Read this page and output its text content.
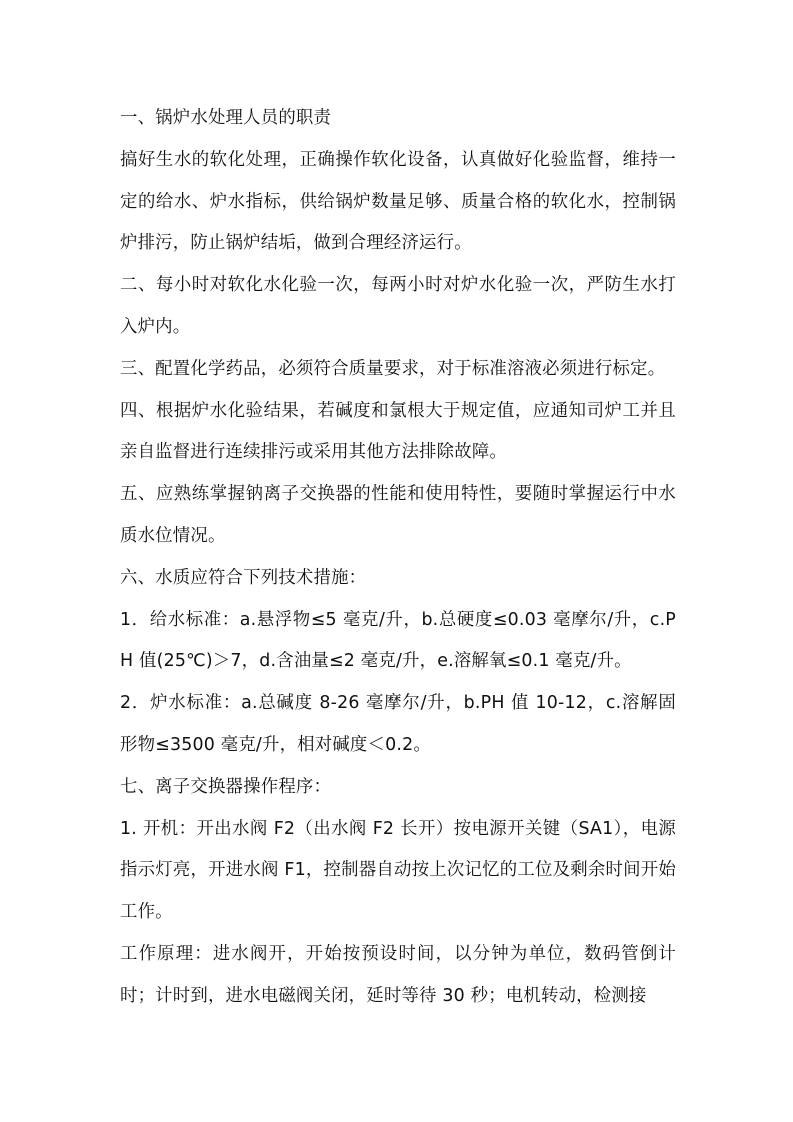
一、锅炉水处理人员的职责

搞好生水的软化处理，正确操作软化设备，认真做好化验监督，维持一定的给水、炉水指标，供给锅炉数量足够、质量合格的软化水，控制锅炉排污，防止锅炉结垢，做到合理经济运行。

二、每小时对软化水化验一次，每两小时对炉水化验一次，严防生水打入炉内。

三、配置化学药品，必须符合质量要求，对于标准溶液必须进行标定。

四、根据炉水化验结果，若碱度和氯根大于规定值，应通知司炉工并且亲自监督进行连续排污或采用其他方法排除故障。

五、应熟练掌握钠离子交换器的性能和使用特性，要随时掌握运行中水质水位情况。

六、水质应符合下列技术措施：

1．给水标准：a.悬浮物≤5 毫克/升，b.总硬度≤0.03 毫摩尔/升，c.PH 值(25℃)＞7，d.含油量≤2 毫克/升，e.溶解氧≤0.1 毫克/升。

2．炉水标准：a.总碱度 8-26 毫摩尔/升，b.PH 值 10-12，c.溶解固形物≤3500 毫克/升，相对碱度＜0.2。

七、离子交换器操作程序：

1. 开机：开出水阀 F2（出水阀 F2 长开）按电源开关键（SA1），电源指示灯亮，开进水阀 F1，控制器自动按上次记忆的工位及剩余时间开始工作。

工作原理：进水阀开，开始按预设时间，以分钟为单位，数码管倒计时；计时到，进水电磁阀关闭，延时等待 30 秒；电机转动，检测接
